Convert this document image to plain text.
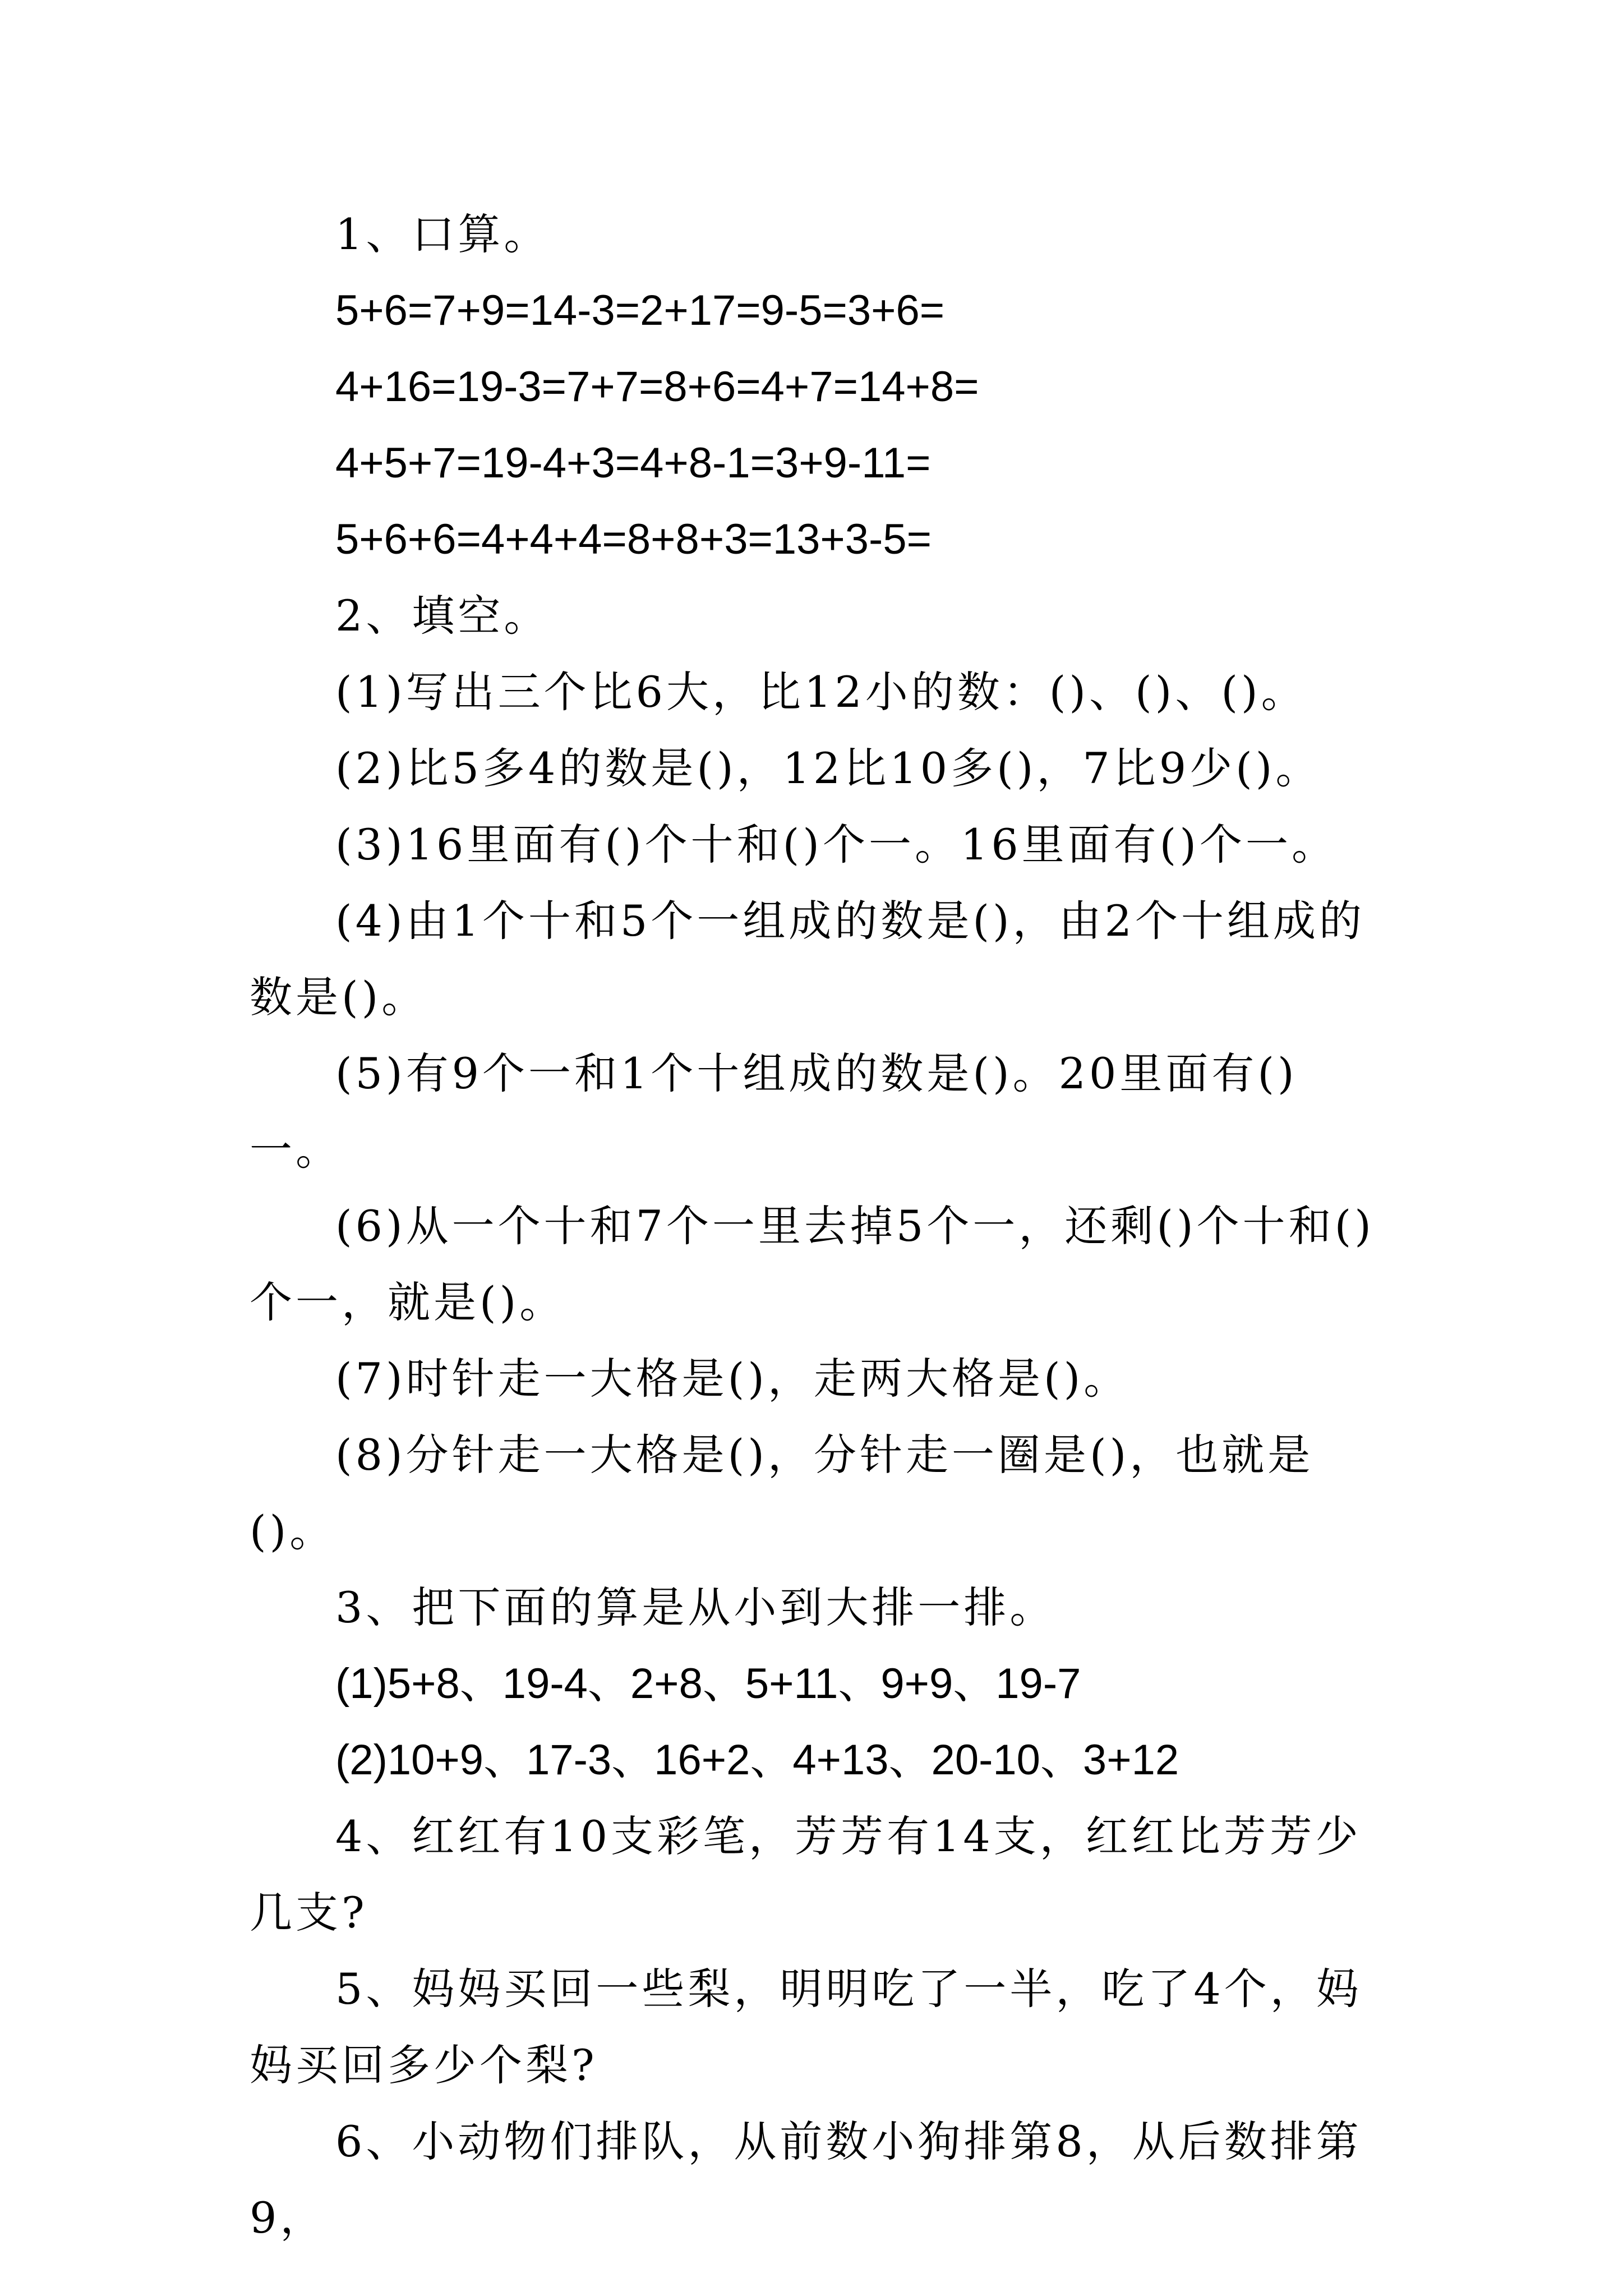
1、口算。

5+6=7+9=14-3=2+17=9-5=3+6=

4+16=19-3=7+7=8+6=4+7=14+8=

4+5+7=19-4+3=4+8-1=3+9-11=

5+6+6=4+4+4=8+8+3=13+3-5=

2、填空。

(1)写出三个比6大，比12小的数：()、()、()。

(2)比5多4的数是()，12比10多()，7比9少()。

(3)16里面有()个十和()个一。16里面有()个一。

(4)由1个十和5个一组成的数是()，由2个十组成的数是()。

(5)有9个一和1个十组成的数是()。20里面有()一。

(6)从一个十和7个一里去掉5个一，还剩()个十和()个一，就是()。

(7)时针走一大格是()，走两大格是()。

(8)分针走一大格是()，分针走一圈是()，也就是()。

3、把下面的算是从小到大排一排。

(1)5+8、19-4、2+8、5+11、9+9、19-7

(2)10+9、17-3、16+2、4+13、20-10、3+12

4、红红有10支彩笔，芳芳有14支，红红比芳芳少几支?

5、妈妈买回一些梨，明明吃了一半，吃了4个，妈妈买回多少个梨?

6、小动物们排队，从前数小狗排第8，从后数排第9，
